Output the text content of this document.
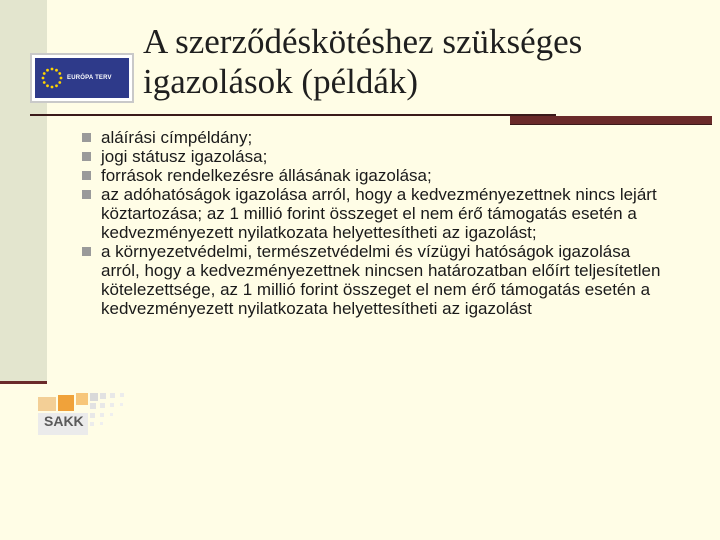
EURÓPA TERV
A szerződéskötéshez szükséges
igazolások (példák)
aláírási címpéldány;
jogi státusz igazolása;
források rendelkezésre állásának igazolása;
az adóhatóságok igazolása arról, hogy a kedvezményezettnek nincs lejárt köztartozása; az 1 millió forint összeget el nem érő támogatás esetén a kedvezményezett nyilatkozata helyettesítheti az igazolást;
a környezetvédelmi, természetvédelmi és vízügyi hatóságok igazolása arról, hogy a kedvezményezettnek nincsen határozatban előírt teljesítetlen kötelezettsége, az 1 millió forint összeget el nem érő támogatás esetén a kedvezményezett nyilatkozata helyettesítheti az igazolást
SAKK
